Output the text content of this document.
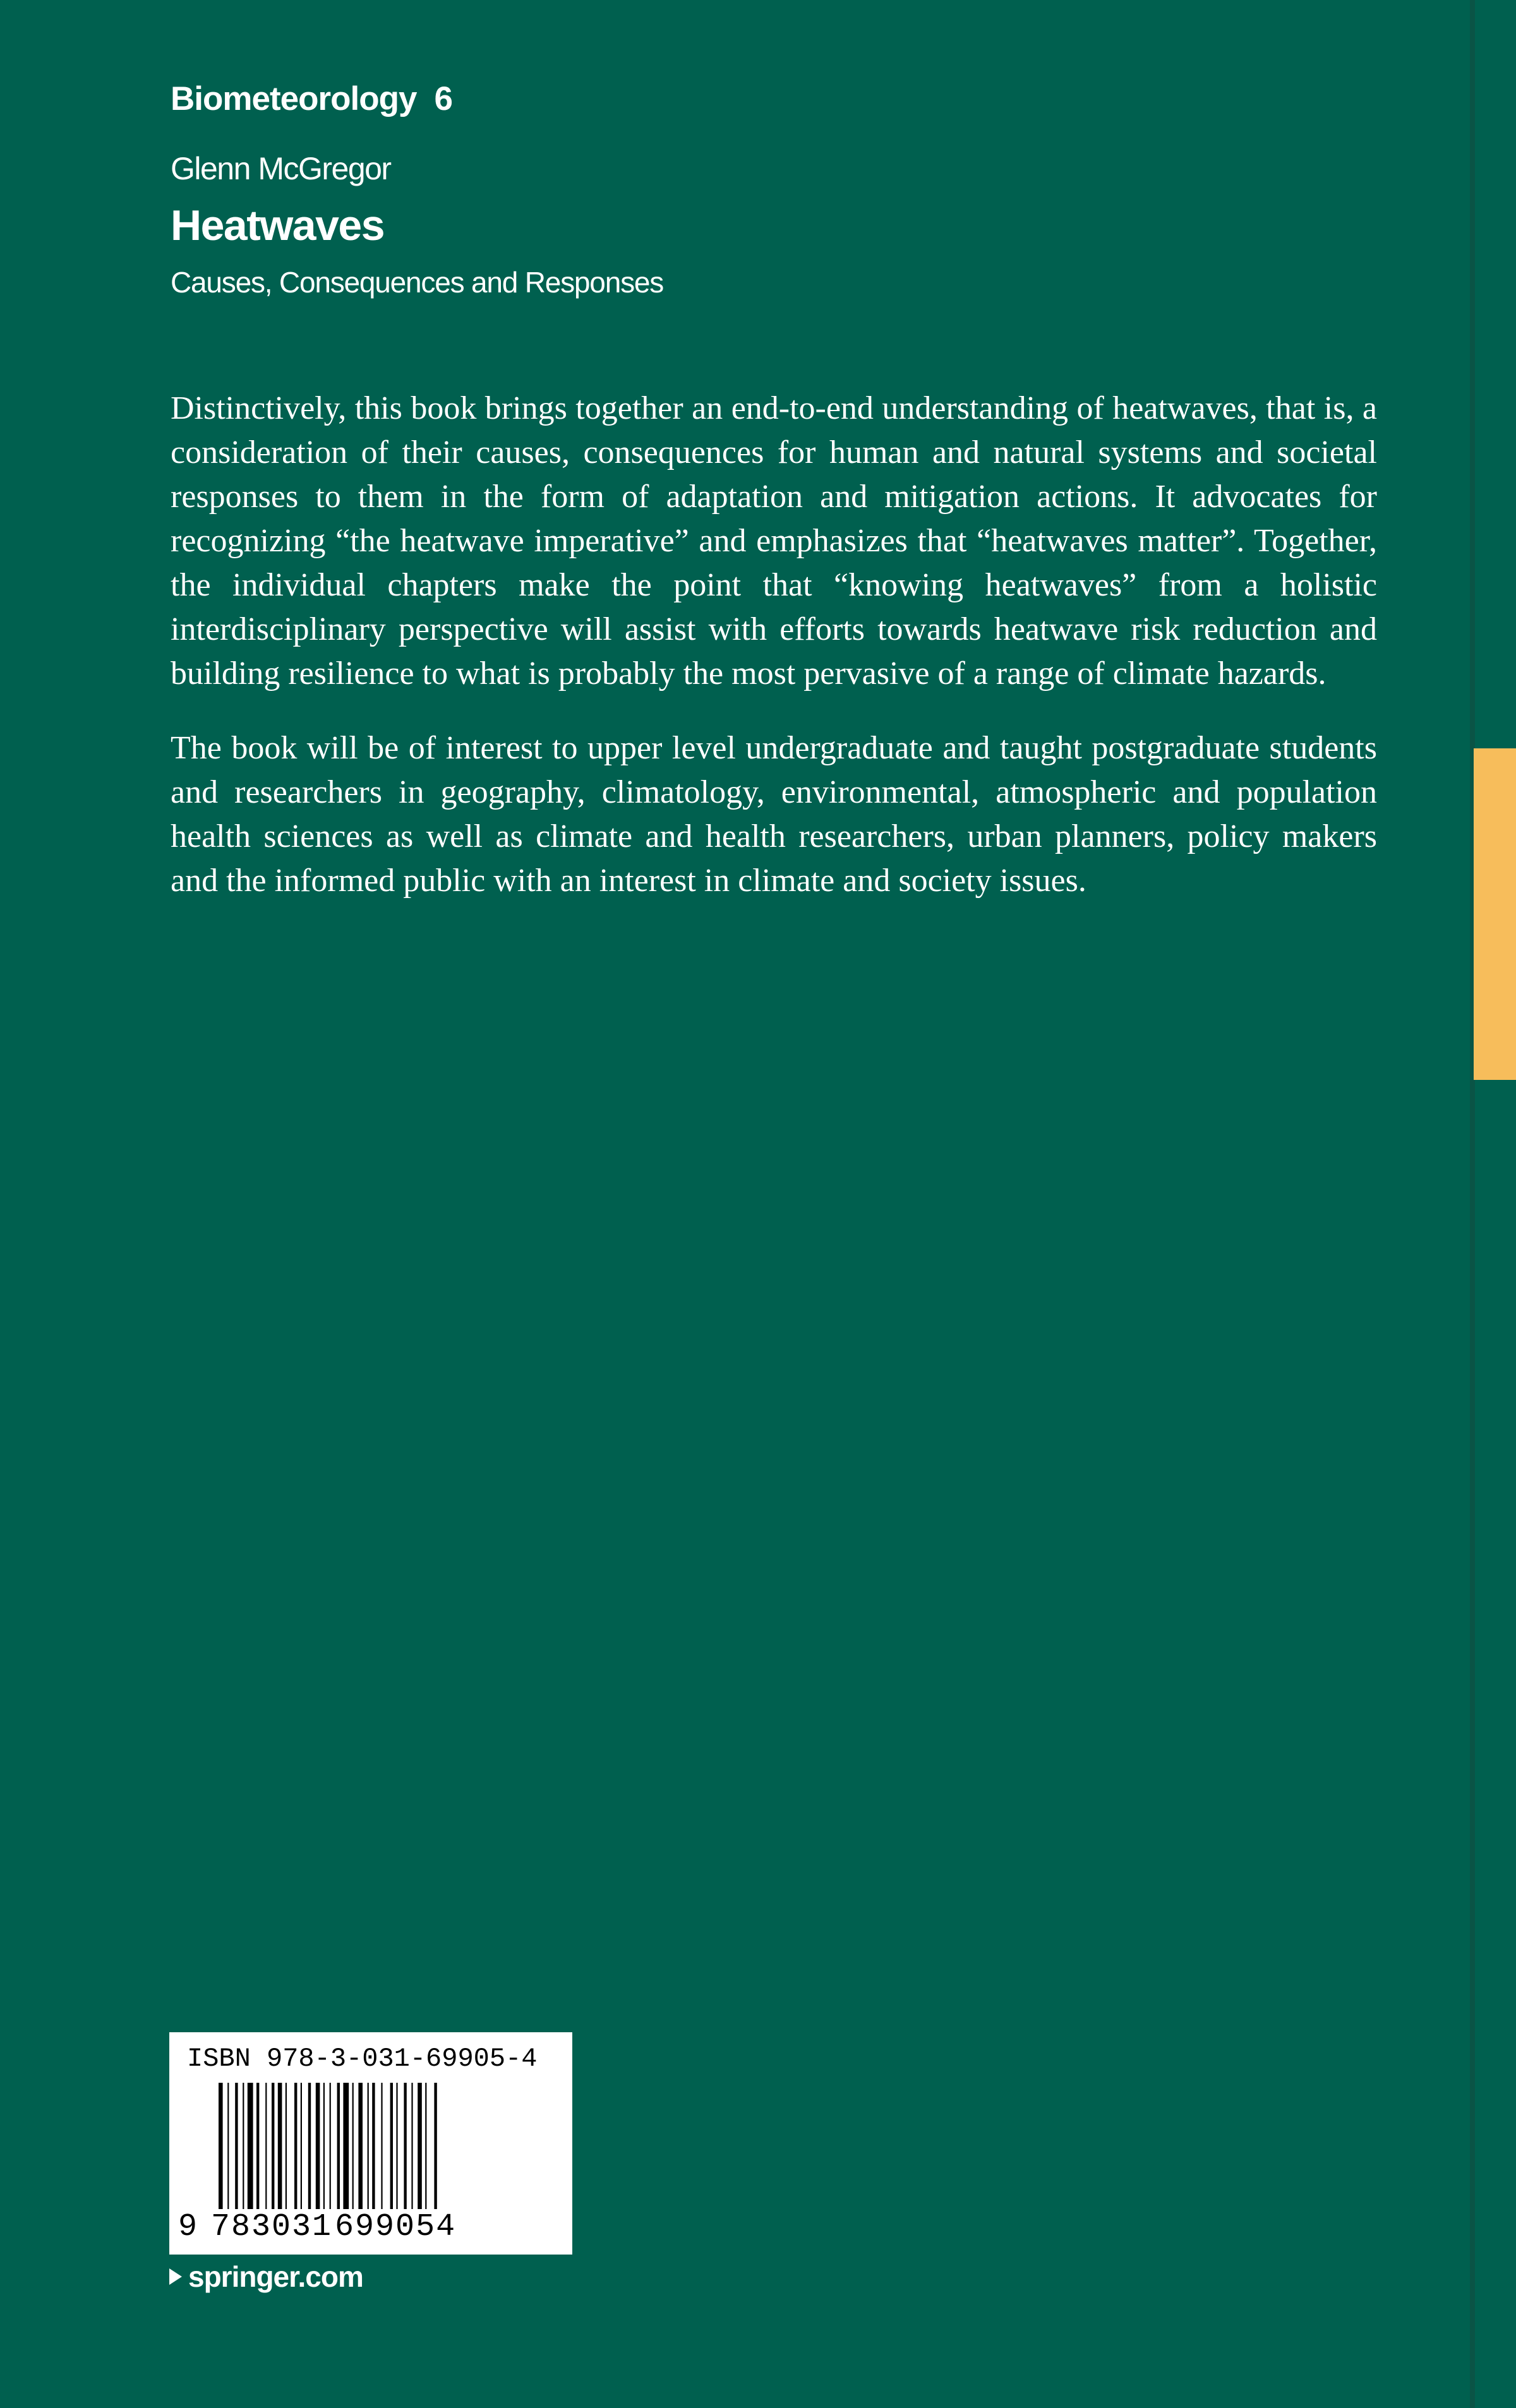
Biometeorology 6
Glenn McGregor
Heatwaves
Causes, Consequences and Responses

Distinctively, this book brings together an end-to-end understanding of heatwaves, that is, a consideration of their causes, consequences for human and natural systems and societal responses to them in the form of adaptation and mitigation actions. It advocates for recognizing “the heatwave imperative” and emphasizes that “heatwaves matter”. Together, the individual chapters make the point that “knowing heatwaves” from a holistic interdisciplinary perspective will assist with efforts towards heatwave risk reduction and building resilience to what is probably the most pervasive of a range of climate hazards.

The book will be of interest to upper level undergraduate and taught postgraduate students and researchers in geography, climatology, environmental, atmospheric and population health sciences as well as climate and health researchers, urban planners, policy makers and the informed public with an interest in climate and society issues.

ISBN 978-3-031-69905-4
9 783031699054
springer.com
